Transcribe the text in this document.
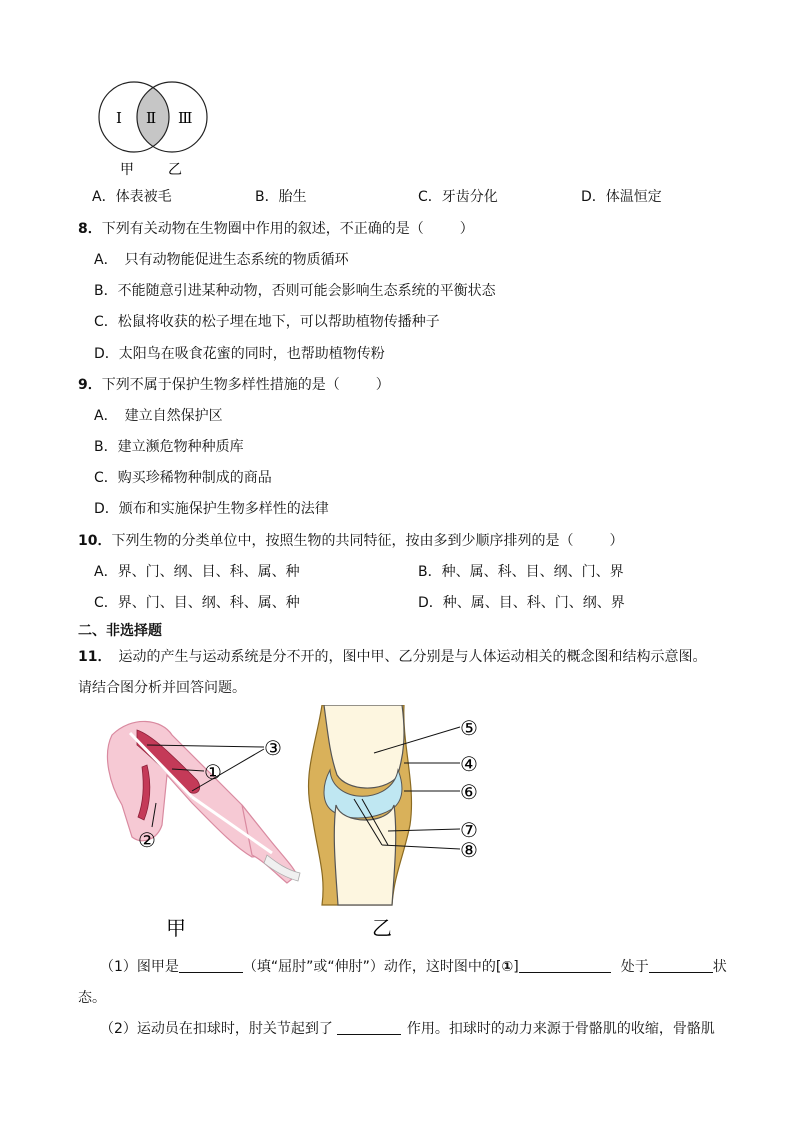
Ⅰ Ⅱ Ⅲ
甲 乙
A．体表被毛	B．胎生	C．牙齿分化	D．体温恒定
8．下列有关动物在生物圈中作用的叙述，不正确的是（	）
A．　只有动物能促进生态系统的物质循环
B．不能随意引进某种动物，否则可能会影响生态系统的平衡状态
C．松鼠将收获的松子埋在地下，可以帮助植物传播种子
D．太阳鸟在吸食花蜜的同时，也帮助植物传粉
9．下列不属于保护生物多样性措施的是（	）
A．　建立自然保护区
B．建立濒危物种种质库
C．购买珍稀物种制成的商品
D．颁布和实施保护生物多样性的法律
10．下列生物的分类单位中，按照生物的共同特征，按由多到少顺序排列的是（	）
A．界、门、纲、目、科、属、种	B．种、属、科、目、纲、门、界
C．界、门、目、纲、科、属、种	D．种、属、目、科、门、纲、界
二、非选择题
11．　运动的产生与运动系统是分不开的，图中甲、乙分别是与人体运动相关的概念图和结构示意图。
请结合图分析并回答问题。
③
①
②
甲
⑤
④
⑥
⑦
⑧
乙
（1）图甲是	（填“屈肘”或“伸肘”）动作，这时图中的[①]	处于	状
态。
（2）运动员在扣球时，肘关节起到了	作用。扣球时的动力来源于骨骼肌的收缩，骨骼肌
